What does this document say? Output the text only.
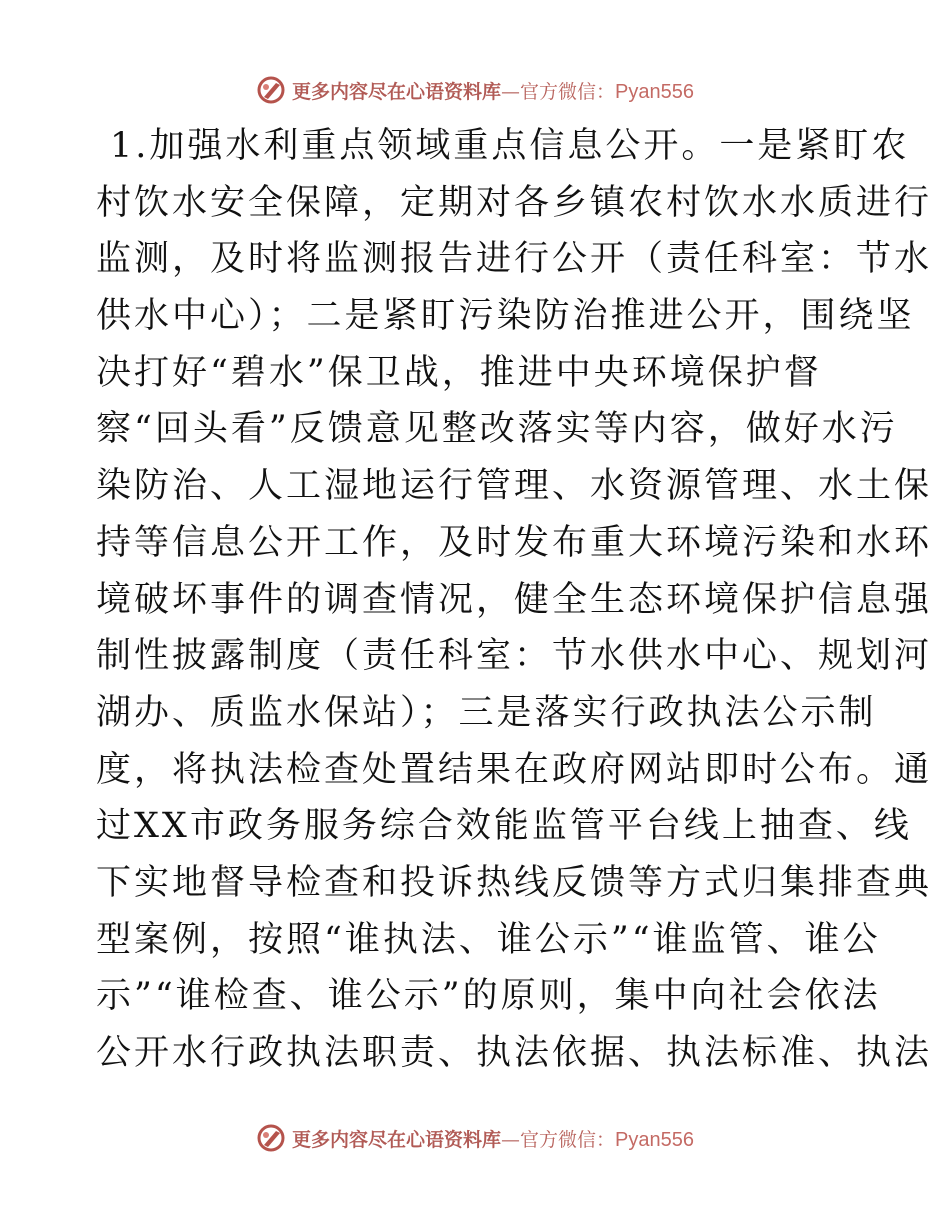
更多内容尽在心语资料库—官方微信：Pyan556
1.加强水利重点领域重点信息公开。一是紧盯农
村饮水安全保障，定期对各乡镇农村饮水水质进行
监测，及时将监测报告进行公开（责任科室：节水
供水中心）；二是紧盯污染防治推进公开，围绕坚
决打好“碧水”保卫战，推进中央环境保护督
察“回头看”反馈意见整改落实等内容，做好水污
染防治、人工湿地运行管理、水资源管理、水土保
持等信息公开工作，及时发布重大环境污染和水环
境破坏事件的调查情况，健全生态环境保护信息强
制性披露制度（责任科室：节水供水中心、规划河
湖办、质监水保站）；三是落实行政执法公示制
度，将执法检查处置结果在政府网站即时公布。通
过XX市政务服务综合效能监管平台线上抽查、线
下实地督导检查和投诉热线反馈等方式归集排查典
型案例，按照“谁执法、谁公示”“谁监管、谁公
示”“谁检查、谁公示”的原则，集中向社会依法
公开水行政执法职责、执法依据、执法标准、执法
更多内容尽在心语资料库—官方微信：Pyan556
